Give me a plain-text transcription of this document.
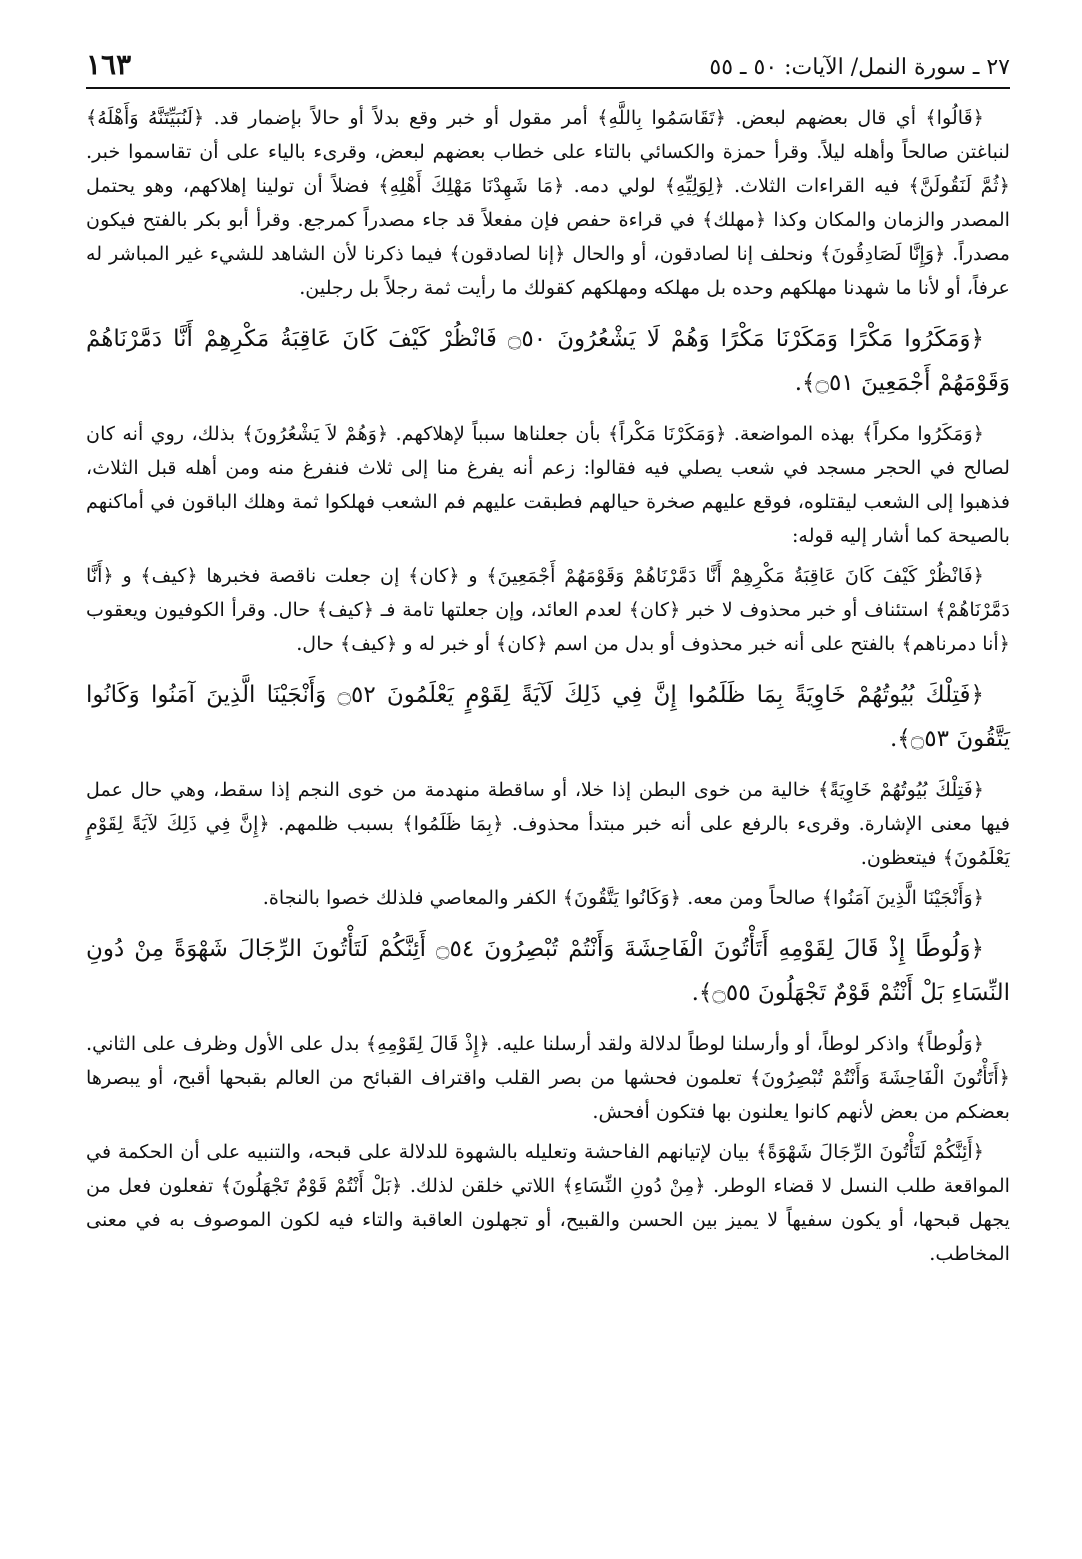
٢٧ ـ سورة النمل/ الآيات: ٥٠ ـ ٥٥
١٦٣

﴿قَالُوا﴾ أي قال بعضهم لبعض. ﴿تَقَاسَمُوا بِاللَّهِ﴾ أمر مقول أو خبر وقع بدلاً أو حالاً بإضمار قد. ﴿لَنُبَيِّتَنَّهُ وَأَهْلَهُ﴾ لنباغتن صالحاً وأهله ليلاً. وقرأ حمزة والكسائي بالتاء على خطاب بعضهم لبعض، وقرىء بالياء على أن تقاسموا خبر. ﴿ثُمَّ لَنَقُولَنَّ﴾ فيه القراءات الثلاث. ﴿لِوَلِيِّهِ﴾ لولي دمه. ﴿مَا شَهِدْنَا مَهْلِكَ أَهْلِهِ﴾ فضلاً أن تولينا إهلاكهم، وهو يحتمل المصدر والزمان والمكان وكذا ﴿مهلك﴾ في قراءة حفص فإن مفعلاً قد جاء مصدراً كمرجع. وقرأ أبو بكر بالفتح فيكون مصدراً. ﴿وَإِنَّا لَصَادِقُونَ﴾ ونحلف إنا لصادقون، أو والحال ﴿إنا لصادقون﴾ فيما ذكرنا لأن الشاهد للشيء غير المباشر له عرفاً، أو لأنا ما شهدنا مهلكهم وحده بل مهلكه ومهلكهم كقولك ما رأيت ثمة رجلاً بل رجلين.

﴿وَمَكَرُوا مَكْرًا وَمَكَرْنَا مَكْرًا وَهُمْ لَا يَشْعُرُونَ ۝٥٠ فَانْظُرْ كَيْفَ كَانَ عَاقِبَةُ مَكْرِهِمْ أَنَّا دَمَّرْنَاهُمْ وَقَوْمَهُمْ أَجْمَعِينَ ۝٥١﴾.

﴿وَمَكَرُوا مكراً﴾ بهذه المواضعة. ﴿وَمَكَرْنَا مَكْراً﴾ بأن جعلناها سبباً لإهلاكهم. ﴿وَهُمْ لاَ يَشْعُرُونَ﴾ بذلك، روي أنه كان لصالح في الحجر مسجد في شعب يصلي فيه فقالوا: زعم أنه يفرغ منا إلى ثلاث فنفرغ منه ومن أهله قبل الثلاث، فذهبوا إلى الشعب ليقتلوه، فوقع عليهم صخرة حيالهم فطبقت عليهم فم الشعب فهلكوا ثمة وهلك الباقون في أماكنهم بالصيحة كما أشار إليه قوله:

﴿فَانْظُرْ كَيْفَ كَانَ عَاقِبَةُ مَكْرِهِمْ أَنَّا دَمَّرْنَاهُمْ وَقَوْمَهُمْ أَجْمَعِينَ﴾ و ﴿كان﴾ إن جعلت ناقصة فخبرها ﴿كيف﴾ و ﴿أَنَّا دَمَّرْنَاهُمْ﴾ استئناف أو خبر محذوف لا خبر ﴿كان﴾ لعدم العائد، وإن جعلتها تامة فـ ﴿كيف﴾ حال. وقرأ الكوفيون ويعقوب ﴿أنا دمرناهم﴾ بالفتح على أنه خبر محذوف أو بدل من اسم ﴿كان﴾ أو خبر له و ﴿كيف﴾ حال.

﴿فَتِلْكَ بُيُوتُهُمْ خَاوِيَةً بِمَا ظَلَمُوا إِنَّ فِي ذَلِكَ لَآيَةً لِقَوْمٍ يَعْلَمُونَ ۝٥٢ وَأَنْجَيْنَا الَّذِينَ آمَنُوا وَكَانُوا يَتَّقُونَ ۝٥٣﴾.

﴿فَتِلْكَ بُيُوتُهُمْ خَاوِيَةً﴾ خالية من خوى البطن إذا خلا، أو ساقطة منهدمة من خوى النجم إذا سقط، وهي حال عمل فيها معنى الإشارة. وقرىء بالرفع على أنه خبر مبتدأ محذوف. ﴿بِمَا ظَلَمُوا﴾ بسبب ظلمهم. ﴿إِنَّ فِي ذَلِكَ لآيَةً لِقَوْمٍ يَعْلَمُونَ﴾ فيتعظون.

﴿وَأَنْجَيْنَا الَّذِينَ آمَنُوا﴾ صالحاً ومن معه. ﴿وَكَانُوا يَتَّقُونَ﴾ الكفر والمعاصي فلذلك خصوا بالنجاة.

﴿وَلُوطًا إِذْ قَالَ لِقَوْمِهِ أَتَأْتُونَ الْفَاحِشَةَ وَأَنْتُمْ تُبْصِرُونَ ۝٥٤ أَئِنَّكُمْ لَتَأْتُونَ الرِّجَالَ شَهْوَةً مِنْ دُونِ النِّسَاءِ بَلْ أَنْتُمْ قَوْمٌ تَجْهَلُونَ ۝٥٥﴾.

﴿وَلُوطاً﴾ واذكر لوطاً، أو وأرسلنا لوطاً لدلالة ولقد أرسلنا عليه. ﴿إِذْ قَالَ لِقَوْمِهِ﴾ بدل على الأول وظرف على الثاني. ﴿أَتَأْتُونَ الْفَاحِشَةَ وَأَنْتُمْ تُبْصِرُونَ﴾ تعلمون فحشها من بصر القلب واقتراف القبائح من العالم بقبحها أقبح، أو يبصرها بعضكم من بعض لأنهم كانوا يعلنون بها فتكون أفحش.

﴿أَئِنَّكُمْ لَتَأْتُونَ الرِّجَالَ شَهْوَةً﴾ بيان لإتيانهم الفاحشة وتعليله بالشهوة للدلالة على قبحه، والتنبيه على أن الحكمة في المواقعة طلب النسل لا قضاء الوطر. ﴿مِنْ دُونِ النِّسَاءِ﴾ اللاتي خلقن لذلك. ﴿بَلْ أَنْتُمْ قَوْمٌ تَجْهَلُونَ﴾ تفعلون فعل من يجهل قبحها، أو يكون سفيهاً لا يميز بين الحسن والقبيح، أو تجهلون العاقبة والتاء فيه لكون الموصوف به في معنى المخاطب.
